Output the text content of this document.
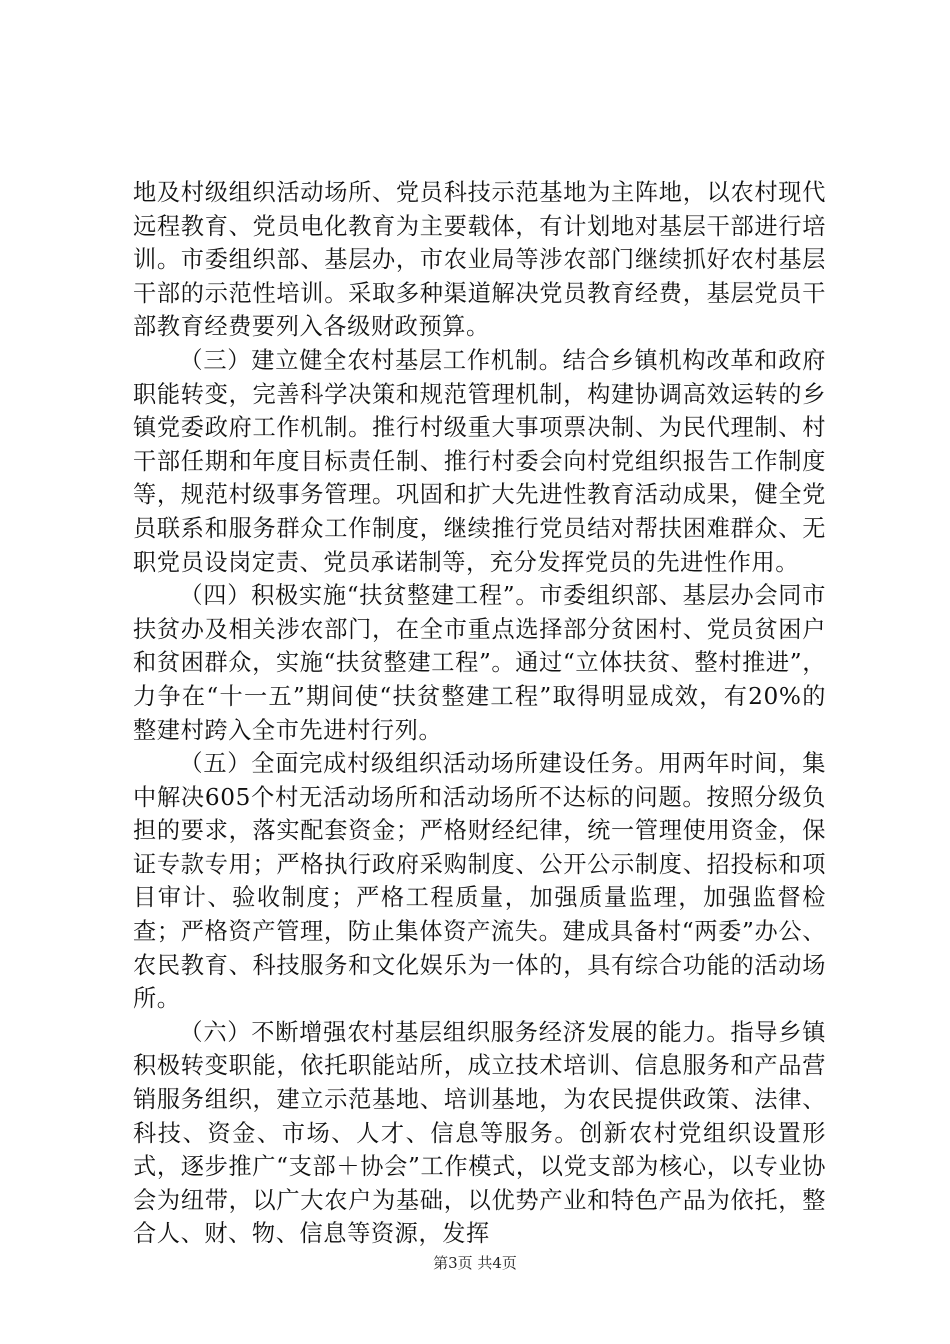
地及村级组织活动场所、党员科技示范基地为主阵地，以农村现代远程教育、党员电化教育为主要载体，有计划地对基层干部进行培训。市委组织部、基层办，市农业局等涉农部门继续抓好农村基层干部的示范性培训。采取多种渠道解决党员教育经费，基层党员干部教育经费要列入各级财政预算。

（三）建立健全农村基层工作机制。结合乡镇机构改革和政府职能转变，完善科学决策和规范管理机制，构建协调高效运转的乡镇党委政府工作机制。推行村级重大事项票决制、为民代理制、村干部任期和年度目标责任制、推行村委会向村党组织报告工作制度等，规范村级事务管理。巩固和扩大先进性教育活动成果，健全党员联系和服务群众工作制度，继续推行党员结对帮扶困难群众、无职党员设岗定责、党员承诺制等，充分发挥党员的先进性作用。

（四）积极实施“扶贫整建工程”。市委组织部、基层办会同市扶贫办及相关涉农部门，在全市重点选择部分贫困村、党员贫困户和贫困群众，实施“扶贫整建工程”。通过“立体扶贫、整村推进”，力争在“十一五”期间使“扶贫整建工程”取得明显成效，有20%的整建村跨入全市先进村行列。

（五）全面完成村级组织活动场所建设任务。用两年时间，集中解决605个村无活动场所和活动场所不达标的问题。按照分级负担的要求，落实配套资金；严格财经纪律，统一管理使用资金，保证专款专用；严格执行政府采购制度、公开公示制度、招投标和项目审计、验收制度；严格工程质量，加强质量监理，加强监督检查；严格资产管理，防止集体资产流失。建成具备村“两委”办公、农民教育、科技服务和文化娱乐为一体的，具有综合功能的活动场所。

（六）不断增强农村基层组织服务经济发展的能力。指导乡镇积极转变职能，依托职能站所，成立技术培训、信息服务和产品营销服务组织，建立示范基地、培训基地，为农民提供政策、法律、科技、资金、市场、人才、信息等服务。创新农村党组织设置形式，逐步推广“支部＋协会”工作模式，以党支部为核心，以专业协会为纽带，以广大农户为基础，以优势产业和特色产品为依托，整合人、财、物、信息等资源，发挥

第3页 共4页
